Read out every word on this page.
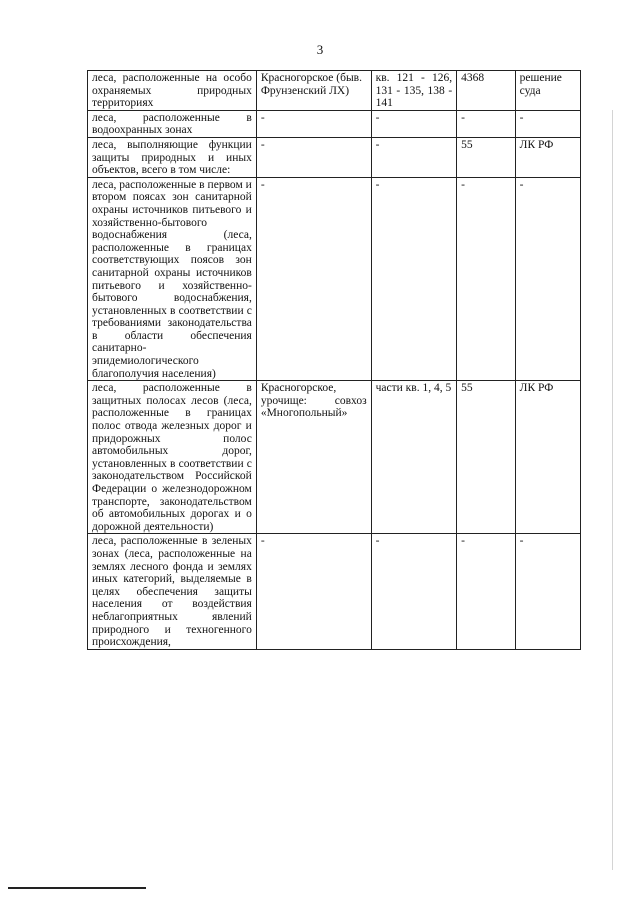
3
леса, расположенные на особо охраняемых природных территориях	Красногорское (быв. Фрунзенский ЛХ)	кв. 121 - 126, 131 - 135, 138 - 141	4368	решение суда
леса, расположенные в водоохранных зонах	-	-	-	-
леса, выполняющие функции защиты природных и иных объектов, всего в том числе:	-	-	55	ЛК РФ
леса, расположенные в первом и втором поясах зон санитарной охраны источников питьевого и хозяйственно-бытового водоснабжения (леса, расположенные в границах соответствующих поясов зон санитарной охраны источников питьевого и хозяйственно-бытового водоснабжения, установленных в соответствии с требованиями законодательства в области обеспечения санитарно-эпидемиологического благополучия населения)	-	-	-	-
леса, расположенные в защитных полосах лесов (леса, расположенные в границах полос отвода железных дорог и придорожных полос автомобильных дорог, установленных в соответствии с законодательством Российской Федерации о железнодорожном транспорте, законодательством об автомобильных дорогах и о дорожной деятельности)	Красногорское, урочище: совхоз «Многопольный»	части кв. 1, 4, 5	55	ЛК РФ
леса, расположенные в зеленых зонах (леса, расположенные на землях лесного фонда и землях иных категорий, выделяемые в целях обеспечения защиты населения от воздействия неблагоприятных явлений природного и техногенного происхождения,	-	-	-	-
